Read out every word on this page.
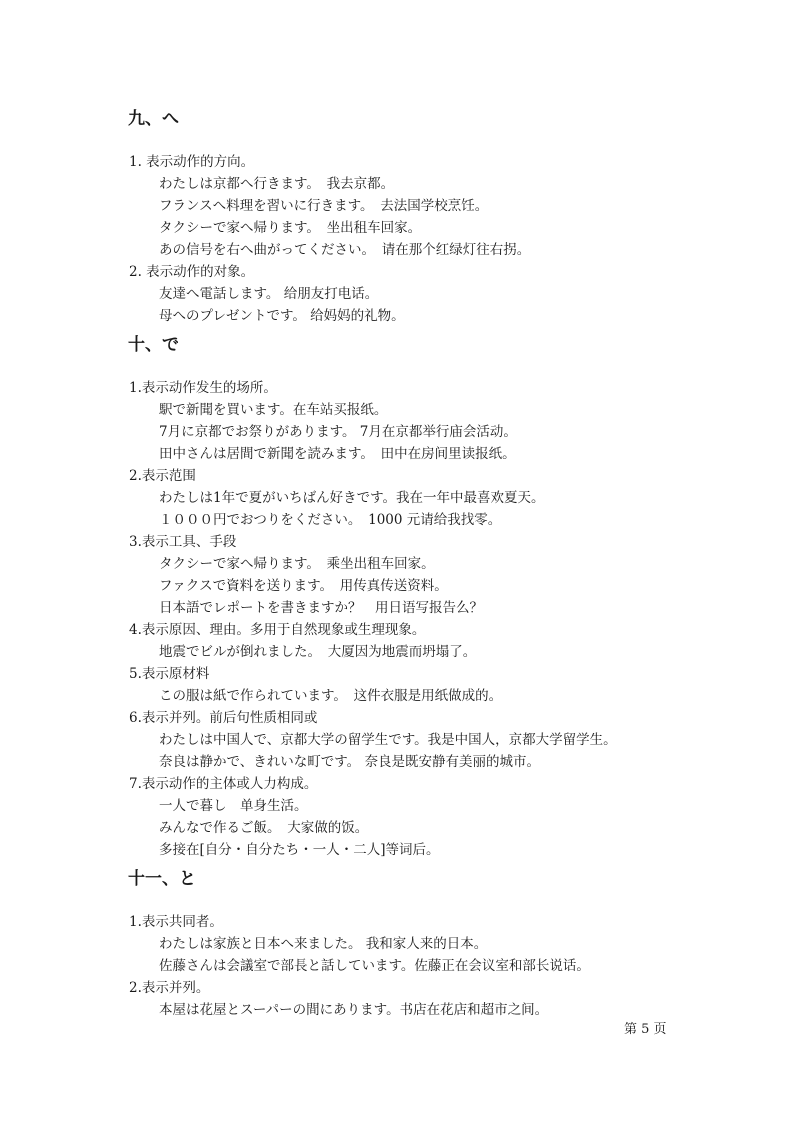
九、へ
1. 表示动作的方向。
わたしは京都へ行きます。　我去京都。
フランスへ料理を習いに行きます。　去法国学校烹饪。
タクシーで家へ帰ります。　坐出租车回家。
あの信号を右へ曲がってください。　请在那个红绿灯往右拐。
2. 表示动作的对象。
友達へ電話します。 给朋友打电话。
母へのプレゼントです。 给妈妈的礼物。
十、で
1.表示动作发生的场所。
駅で新聞を買います。在车站买报纸。
7月に京都でお祭りがあります。 7月在京都举行庙会活动。
田中さんは居間で新聞を読みます。　田中在房间里读报纸。
2.表示范围
わたしは1年で夏がいちばん好きです。我在一年中最喜欢夏天。
１０００円でおつりをください。　1000 元请给我找零。
3.表示工具、手段
タクシーで家へ帰ります。　乘坐出租车回家。
ファクスで資料を送ります。　用传真传送资料。
日本語でレポートを書きますか？　用日语写报告么？
4.表示原因、理由。多用于自然现象或生理现象。
地震でビルが倒れました。　大厦因为地震而坍塌了。
5.表示原材料
この服は紙で作られています。　这件衣服是用纸做成的。
6.表示并列。前后句性质相同或
わたしは中国人で、京都大学の留学生です。我是中国人，京都大学留学生。
奈良は静かで、きれいな町です。 奈良是既安静有美丽的城市。
7.表示动作的主体或人力构成。
一人で暮し　单身生活。
みんなで作るご飯。　大家做的饭。
多接在[自分・自分たち・一人・二人]等词后。
十一、と
1.表示共同者。
わたしは家族と日本へ来ました。 我和家人来的日本。
佐藤さんは会議室で部長と話しています。佐藤正在会议室和部长说话。
2.表示并列。
本屋は花屋とスーパーの間にあります。书店在花店和超市之间。
第 5 页
